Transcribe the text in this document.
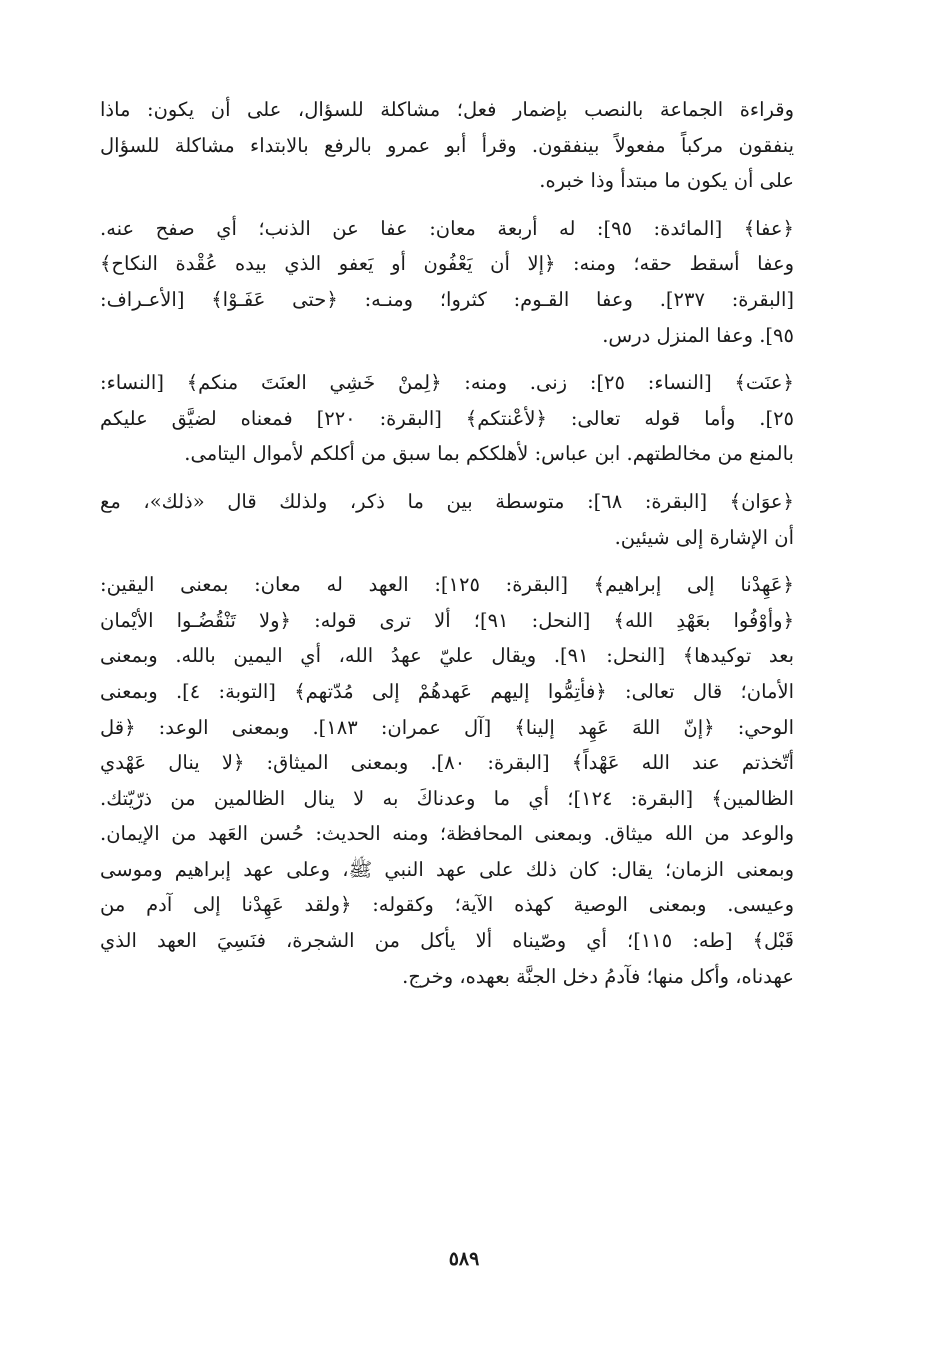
وقراءة الجماعة بالنصب بإضمار فعل؛ مشاكلة للسؤال، على أن يكون: ماذا
ينفقون مركباً مفعولاً بينفقون. وقرأ أبو عمرو بالرفع بالابتداء مشاكلة للسؤال
على أن يكون ما مبتدأ وذا خبره.
﴿عفا﴾ [المائدة: ٩٥]: له أربعة معان: عفا عن الذنب؛ أي صفح عنه.
وعفا أسقط حقه؛ ومنه: ﴿إلا أن يَعْفُون أو يَعفو الذي بيده عُقْدة النكاح﴾
[البقرة: ٢٣٧]. وعفا القـوم: كثروا؛ ومنـه: ﴿حتى عَفَـوْا﴾ [الأعـراف:
٩٥]. وعفا المنزل درس.
﴿عنَت﴾ [النساء: ٢٥]: زنى. ومنه: ﴿لِمنْ خَشِي العنَتَ منكم﴾ [النساء:
٢٥]. وأما قوله تعالى: ﴿لأعْنتكم﴾ [البقرة: ٢٢٠] فمعناه لضيَّق عليكم
بالمنع من مخالطتهم. ابن عباس: لأهلككم بما سبق من أكلكم لأموال اليتامى.
﴿عوَان﴾ [البقرة: ٦٨]: متوسطة بين ما ذكر، ولذلك قال «ذلك»، مع
أن الإشارة إلى شيئين.
﴿عَهِدْنا إلى إبراهيم﴾ [البقرة: ١٢٥]: العهد له معان: بمعنى اليقين:
﴿وأوْفُوا بعَهْدِ الله﴾ [النحل: ٩١]؛ ألا ترى قوله: ﴿ولا تَنْقُضُـوا الأيْمان
بعد توكيدها﴾ [النحل: ٩١]. ويقال عليّ عهدُ الله، أي اليمين بالله. وبمعنى
الأمان؛ قال تعالى: ﴿فأتِمُّوا إليهم عَهدهُمْ إلى مُدّتهم﴾ [التوبة: ٤]. وبمعنى
الوحي: ﴿إنّ اللهَ عَهِد إلينا﴾ [آل عمران: ١٨٣]. وبمعنى الوعد: ﴿قل
أتّخذتم عند الله عَهْداً﴾ [البقرة: ٨٠]. وبمعنى الميثاق: ﴿لا ينال عَهْدي
الظالمين﴾ [البقرة: ١٢٤]؛ أي ما وعدناكَ به لا ينال الظالمين من ذرّيّتك.
والوعد من الله ميثاق. وبمعنى المحافظة؛ ومنه الحديث: حُسن العَهد من الإيمان.
وبمعنى الزمان؛ يقال: كان ذلك على عهد النبي ﷺ، وعلى عهد إبراهيم وموسى
وعيسى. وبمعنى الوصية كهذه الآية؛ وكقوله: ﴿ولقد عَهِدْنا إلى آدم من
قَبْل﴾ [طه: ١١٥]؛ أي وصّيناه ألا يأكل من الشجرة، فنَسِيَ العهد الذي
عهدناه، وأكل منها؛ فآدمُ دخل الجنَّة بعهده، وخرج.
٥٨٩
